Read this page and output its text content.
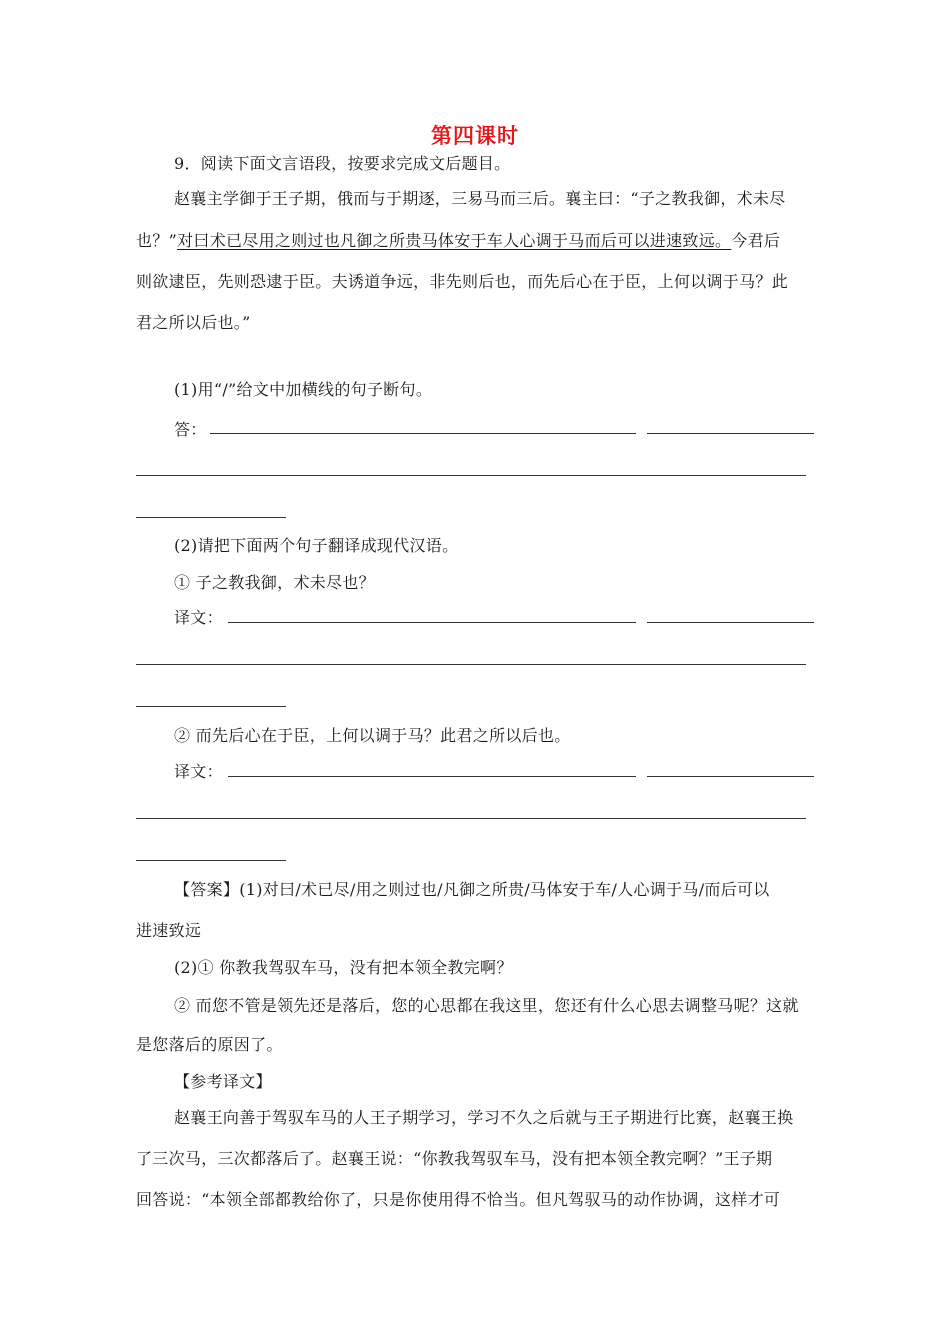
第四课时
9．阅读下面文言语段，按要求完成文后题目。
赵襄主学御于王子期，俄而与于期逐，三易马而三后。襄主曰：“子之教我御，术未尽
也？”对曰术已尽用之则过也凡御之所贵马体安于车人心调于马而后可以进速致远。今君后
则欲逮臣，先则恐逮于臣。夫诱道争远，非先则后也，而先后心在于臣，上何以调于马？此
君之所以后也。”
(1)用“/”给文中加横线的句子断句。
答：
(2)请把下面两个句子翻译成现代汉语。
① 子之教我御，术未尽也？
译文：
② 而先后心在于臣，上何以调于马？此君之所以后也。
译文：
【答案】(1)对曰/术已尽/用之则过也/凡御之所贵/马体安于车/人心调于马/而后可以
进速致远
(2)① 你教我驾驭车马，没有把本领全教完啊？
② 而您不管是领先还是落后，您的心思都在我这里，您还有什么心思去调整马呢？这就
是您落后的原因了。
【参考译文】
赵襄王向善于驾驭车马的人王子期学习，学习不久之后就与王子期进行比赛，赵襄王换
了三次马，三次都落后了。赵襄王说：“你教我驾驭车马，没有把本领全教完啊？”王子期
回答说：“本领全部都教给你了，只是你使用得不恰当。但凡驾驭马的动作协调，这样才可
